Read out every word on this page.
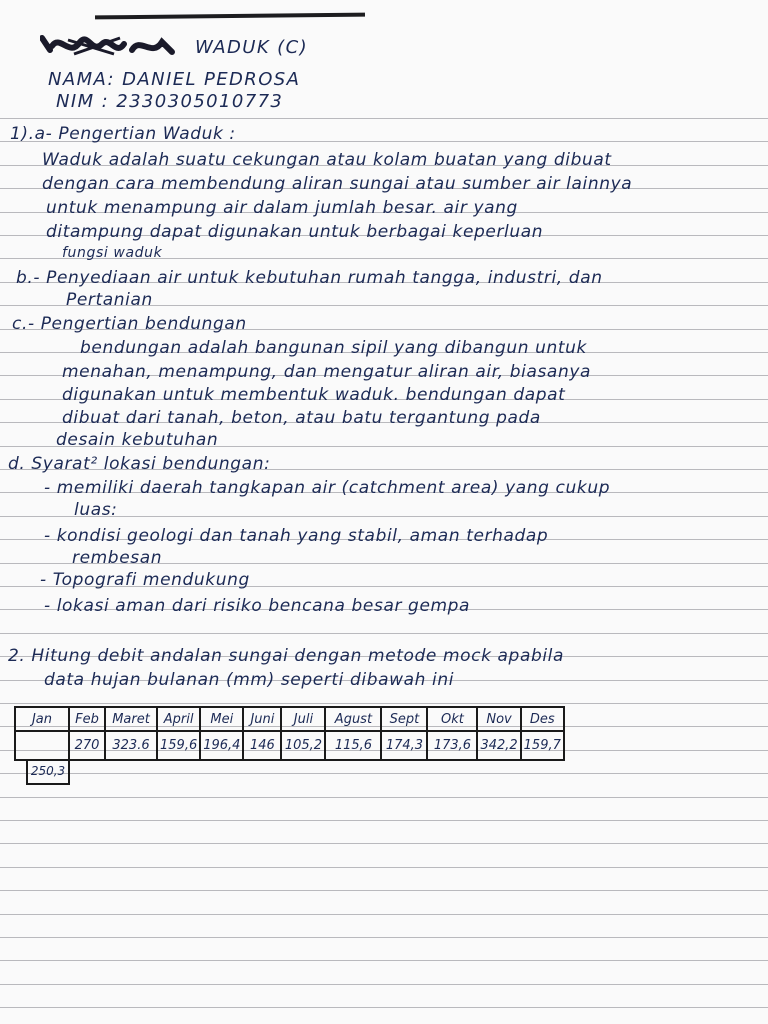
WADUK (C)
NAMA: DANIEL PEDROSA
NIM : 2330305010773
1).a- Pengertian Waduk :
Waduk adalah suatu cekungan atau kolam buatan yang dibuat
dengan cara membendung aliran sungai atau sumber air lainnya
untuk menampung air dalam jumlah besar. air yang
ditampung dapat digunakan untuk berbagai keperluan
fungsi waduk
b.- Penyediaan air untuk kebutuhan rumah tangga, industri, dan
Pertanian
c.- Pengertian bendungan
bendungan adalah bangunan sipil yang dibangun untuk
menahan, menampung, dan mengatur aliran air, biasanya
digunakan untuk membentuk waduk. bendungan dapat
dibuat dari tanah, beton, atau batu tergantung pada
desain kebutuhan
d. Syarat² lokasi bendungan:
- memiliki daerah tangkapan air (catchment area) yang cukup
luas:
- kondisi geologi dan tanah yang stabil, aman terhadap
rembesan
- Topografi mendukung
- lokasi aman dari risiko bencana besar gempa
2. Hitung debit andalan sungai dengan metode mock apabila
data hujan bulanan (mm) seperti dibawah ini
Jan	Feb	Maret	April	Mei	Juni	Juli	Agust	Sept	Okt	Nov	Des
	270	323.6	159,6	196,4	146	105,2	115,6	174,3	173,6	342,2	159,7
250,3
